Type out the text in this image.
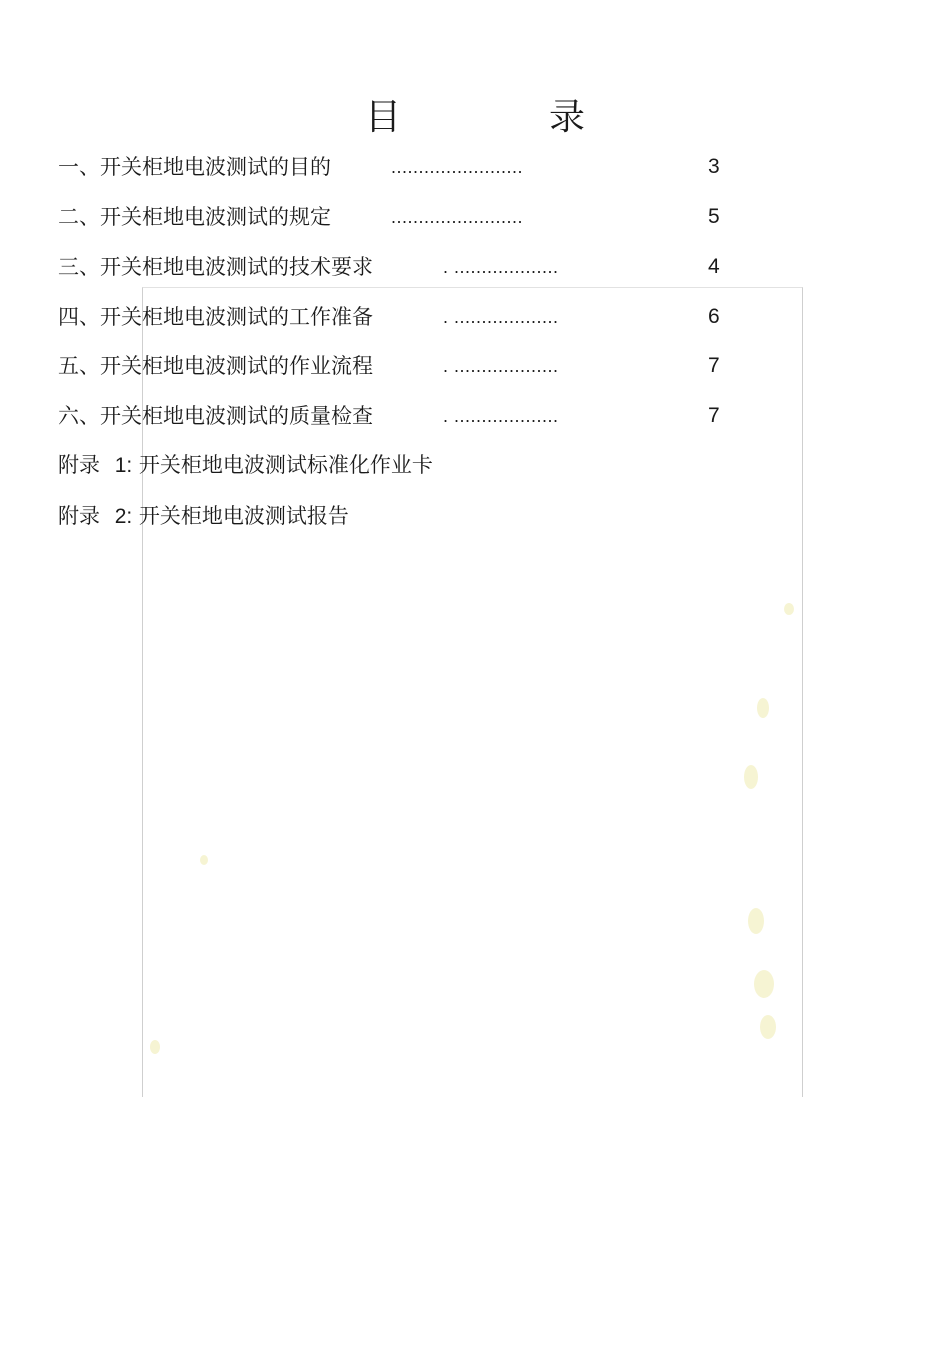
目　录
一、开关柜地电波测试的目的	........................	3
二、开关柜地电波测试的规定	........................	5
三、开关柜地电波测试的技术要求	. ...................	4
四、开关柜地电波测试的工作准备	. ...................	6
五、开关柜地电波测试的作业流程	. ...................	7
六、开关柜地电波测试的质量检查	. ...................	7
附录 1: 开关柜地电波测试标准化作业卡
附录 2: 开关柜地电波测试报告
